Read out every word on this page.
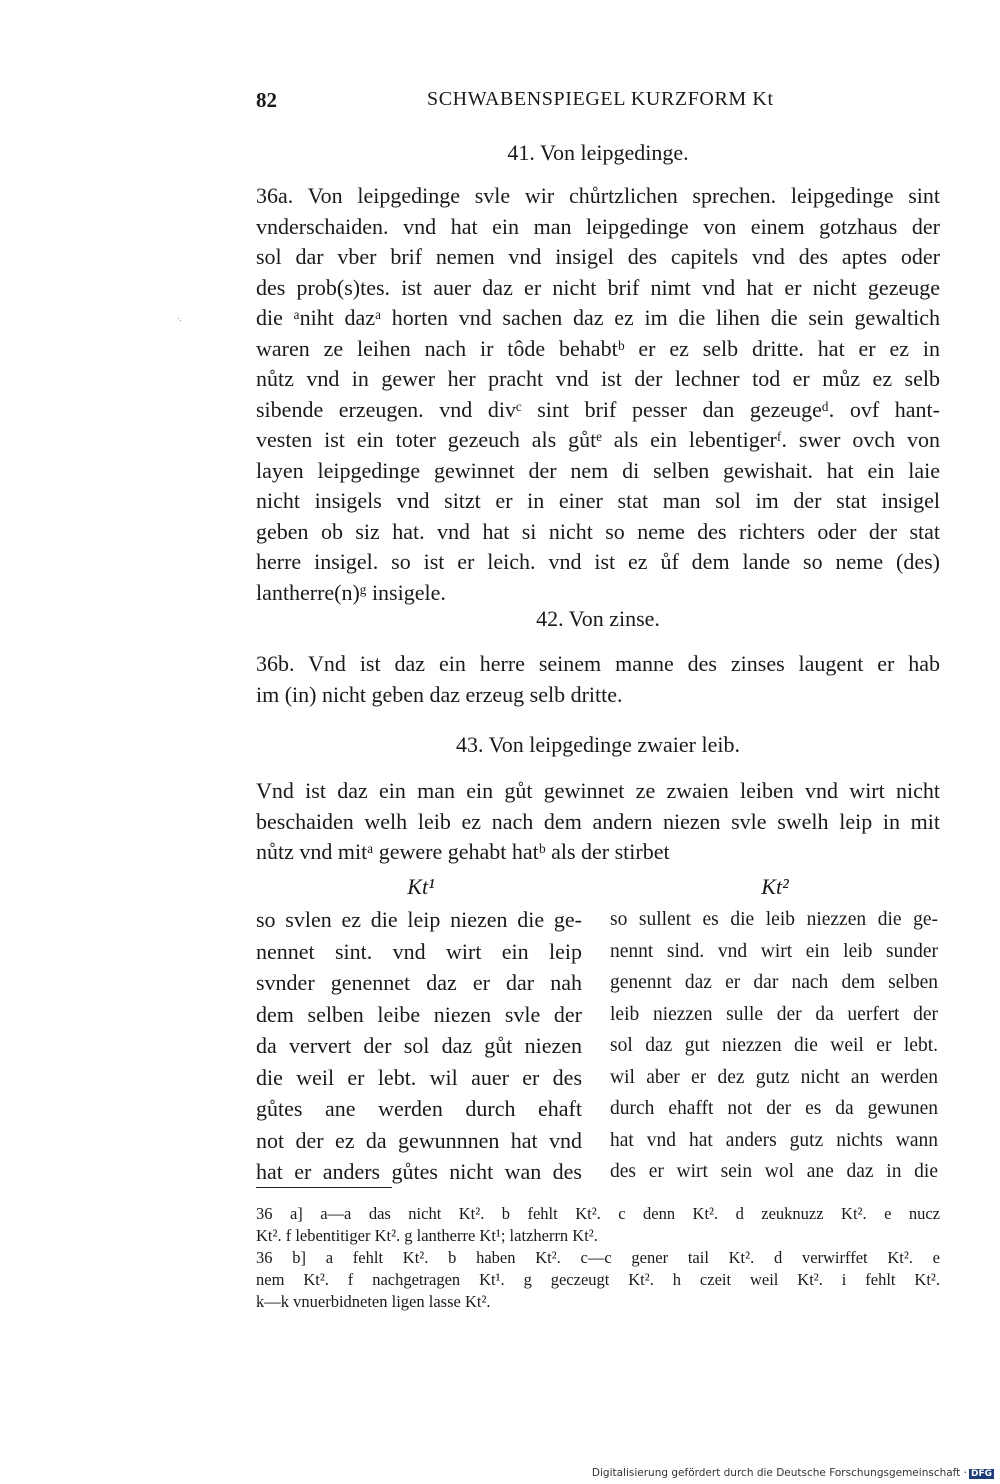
82	SCHWABENSPIEGEL KURZFORM Kt
41. Von leipgedinge.
36a. Von leipgedinge svle wir chůrtzlichen sprechen. leipgedinge sint
vnderschaiden. vnd hat ein man leipgedinge von einem gotzhaus der
sol dar vber brif nemen vnd insigel des capitels vnd des aptes oder
des prob(s)tes. ist auer daz er nicht brif nimt vnd hat er nicht gezeuge
die ᵃniht dazᵃ horten vnd sachen daz ez im die lihen die sein gewaltich
waren ze leihen nach ir tôde behabtᵇ er ez selb dritte. hat er ez in
nůtz vnd in gewer her pracht vnd ist der lechner tod er můz ez selb
sibende erzeugen. vnd divᶜ sint brif pesser dan gezeugeᵈ. ovf hant-
vesten ist ein toter gezeuch als gůtᵉ als ein lebentigerᶠ. swer ovch von
layen leipgedinge gewinnet der nem di selben gewishait. hat ein laie
nicht insigels vnd sitzt er in einer stat man sol im der stat insigel
geben ob siz hat. vnd hat si nicht so neme des richters oder der stat
herre insigel. so ist er leich. vnd ist ez ůf dem lande so neme (des)
lantherre(n)ᵍ insigele.
42. Von zinse.
36b. Vnd ist daz ein herre seinem manne des zinses laugent er hab
im (in) nicht geben daz erzeug selb dritte.
43. Von leipgedinge zwaier leib.
Vnd ist daz ein man ein gůt gewinnet ze zwaien leiben vnd wirt nicht
beschaiden welh leib ez nach dem andern niezen svle swelh leip in mit
nůtz vnd mitᵃ gewere gehabt hatᵇ als der stirbet
Kt¹	Kt²
so svlen ez die leip niezen die ge-
nennet sint. vnd wirt ein leip
svnder genennet daz er dar nah
dem selben leibe niezen svle der
da ververt der sol daz gůt niezen
die weil er lebt. wil auer er des
gůtes ane werden durch ehaft
not der ez da gewunnnen hat vnd
hat er anders gůtes nicht wan des
so sullent es die leib niezzen die ge-
nennt sind. vnd wirt ein leib sunder
genennt daz er dar nach dem selben
leib niezzen sulle der da uerfert der
sol daz gut niezzen die weil er lebt.
wil aber er dez gutz nicht an werden
durch ehafft not der es da gewunen
hat vnd hat anders gutz nichts wann
des er wirt sein wol ane daz in die
36 a] a—a das nicht Kt². b fehlt Kt². c denn Kt². d zeuknuzz Kt². e nucz
Kt². f lebentitiger Kt². g lantherre Kt¹; latzherrn Kt².
36 b] a fehlt Kt². b haben Kt². c—c gener tail Kt². d verwirffet Kt². e
nem Kt². f nachgetragen Kt¹. g geczeugt Kt². h czeit weil Kt². i fehlt Kt².
k—k vnuerbidneten ligen lasse Kt².
Digitalisierung gefördert durch die Deutsche Forschungsgemeinschaft · DFG
